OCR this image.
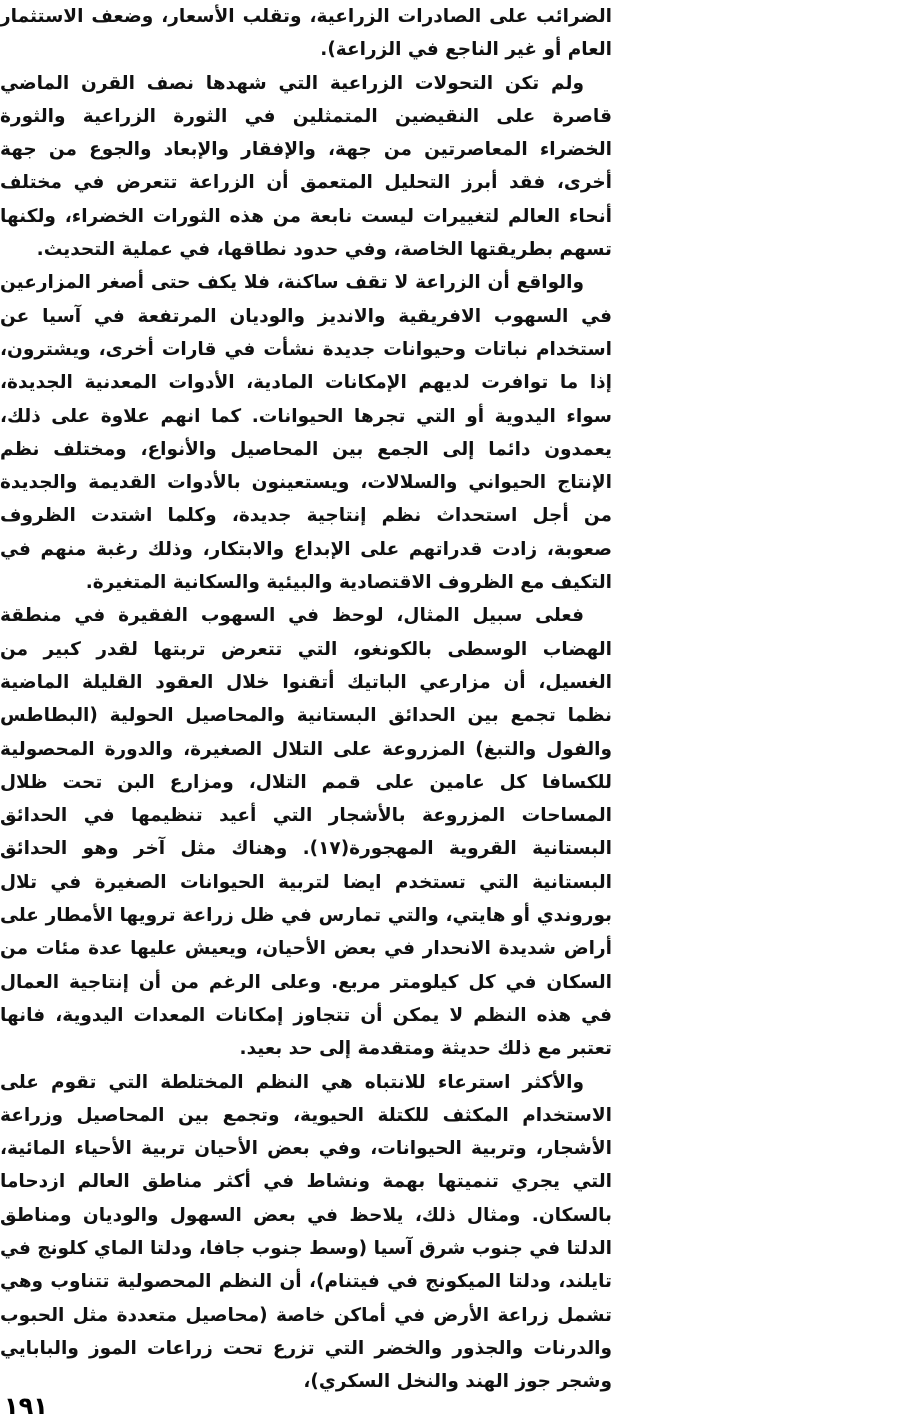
الضرائب على الصادرات الزراعية، وتقلب الأسعار، وضعف الاستثمار العام أو غير الناجع في الزراعة).

ولم تكن التحولات الزراعية التي شهدها نصف القرن الماضي قاصرة على النقيضين المتمثلين في الثورة الزراعية والثورة الخضراء المعاصرتين من جهة، والإفقار والإبعاد والجوع من جهة أخرى، فقد أبرز التحليل المتعمق أن الزراعة تتعرض في مختلف أنحاء العالم لتغييرات ليست نابعة من هذه الثورات الخضراء، ولكنها تسهم بطريقتها الخاصة، وفي حدود نطاقها، في عملية التحديث.

والواقع أن الزراعة لا تقف ساكنة، فلا يكف حتى أصغر المزارعين في السهوب الافريقية والانديز والوديان المرتفعة في آسيا عن استخدام نباتات وحيوانات جديدة نشأت في قارات أخرى، ويشترون، إذا ما توافرت لديهم الإمكانات المادية، الأدوات المعدنية الجديدة، سواء اليدوية أو التي تجرها الحيوانات. كما انهم علاوة على ذلك، يعمدون دائما إلى الجمع بين المحاصيل والأنواع، ومختلف نظم الإنتاج الحيواني والسلالات، ويستعينون بالأدوات القديمة والجديدة من أجل استحداث نظم إنتاجية جديدة، وكلما اشتدت الظروف صعوبة، زادت قدراتهم على الإبداع والابتكار، وذلك رغبة منهم في التكيف مع الظروف الاقتصادية والبيئية والسكانية المتغيرة.

فعلى سبيل المثال، لوحظ في السهوب الفقيرة في منطقة الهضاب الوسطى بالكونغو، التي تتعرض تربتها لقدر كبير من الغسيل، أن مزارعي الباتيك أتقنوا خلال العقود القليلة الماضية نظما تجمع بين الحدائق البستانية والمحاصيل الحولية (البطاطس والفول والتبغ) المزروعة على التلال الصغيرة، والدورة المحصولية للكسافا كل عامين على قمم التلال، ومزارع البن تحت ظلال المساحات المزروعة بالأشجار التي أعيد تنظيمها في الحدائق البستانية القروية المهجورة(١٧). وهناك مثل آخر وهو الحدائق البستانية التي تستخدم ايضا لتربية الحيوانات الصغيرة في تلال بوروندي أو هايتي، والتي تمارس في ظل زراعة ترويها الأمطار على أراض شديدة الانحدار في بعض الأحيان، ويعيش عليها عدة مئات من السكان في كل كيلومتر مربع. وعلى الرغم من أن إنتاجية العمال في هذه النظم لا يمكن أن تتجاوز إمكانات المعدات اليدوية، فانها تعتبر مع ذلك حديثة ومتقدمة إلى حد بعيد.

والأكثر استرعاء للانتباه هي النظم المختلطة التي تقوم على الاستخدام المكثف للكتلة الحيوية، وتجمع بين المحاصيل وزراعة الأشجار، وتربية الحيوانات، وفي بعض الأحيان تربية الأحياء المائية، التي يجري تنميتها بهمة ونشاط في أكثر مناطق العالم ازدحاما بالسكان. ومثال ذلك، يلاحظ في بعض السهول والوديان ومناطق الدلتا في جنوب شرق آسيا (وسط جنوب جافا، ودلتا الماي كلونج في تايلند، ودلتا الميكونج في فيتنام)، أن النظم المحصولية تتناوب وهي تشمل زراعة الأرض في أماكن خاصة (محاصيل متعددة مثل الحبوب والدرنات والجذور والخضر التي تزرع تحت زراعات الموز والبابايي وشجر جوز الهند والنخل السكري)،

١٩١
